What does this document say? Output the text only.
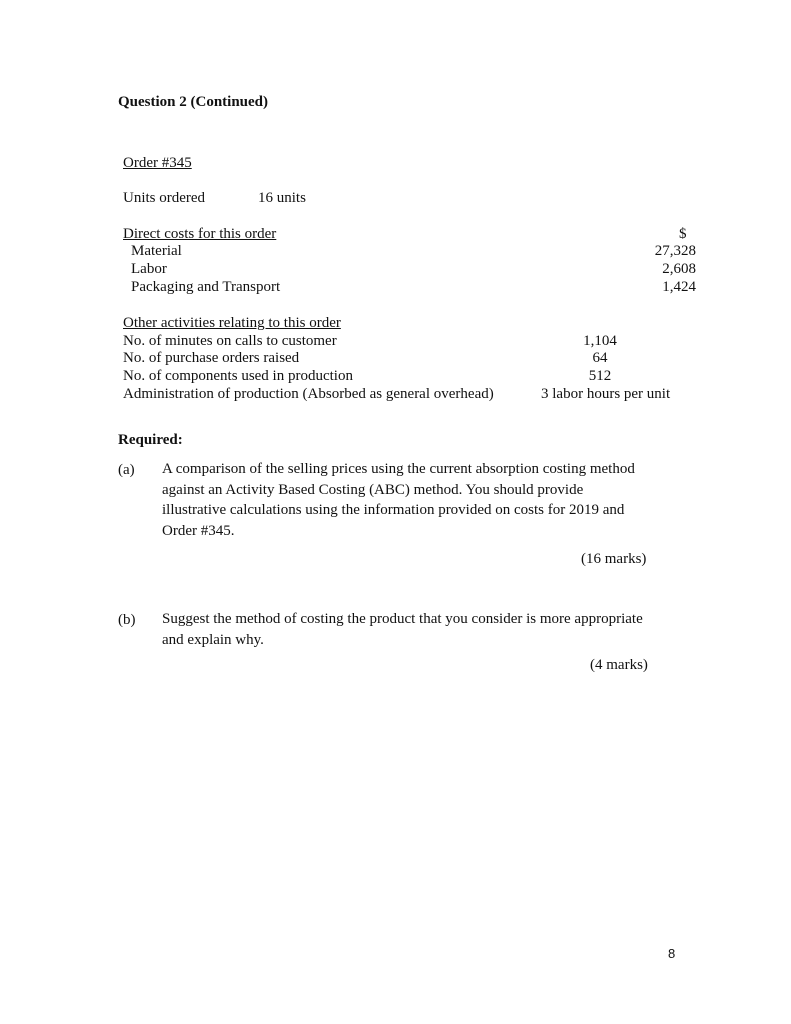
Question 2 (Continued)
Order #345
Units ordered	16 units
Direct costs for this order	$
Material	27,328
Labor	2,608
Packaging and Transport	1,424
Other activities relating to this order
No. of minutes on calls to customer	1,104
No. of purchase orders raised	64
No. of components used in production	512
Administration of production (Absorbed as general overhead)	3 labor hours per unit
Required:
(a) A comparison of the selling prices using the current absorption costing method
against an Activity Based Costing (ABC) method. You should provide
illustrative calculations using the information provided on costs for 2019 and
Order #345.
(16 marks)
(b) Suggest the method of costing the product that you consider is more appropriate
and explain why.
(4 marks)
8
